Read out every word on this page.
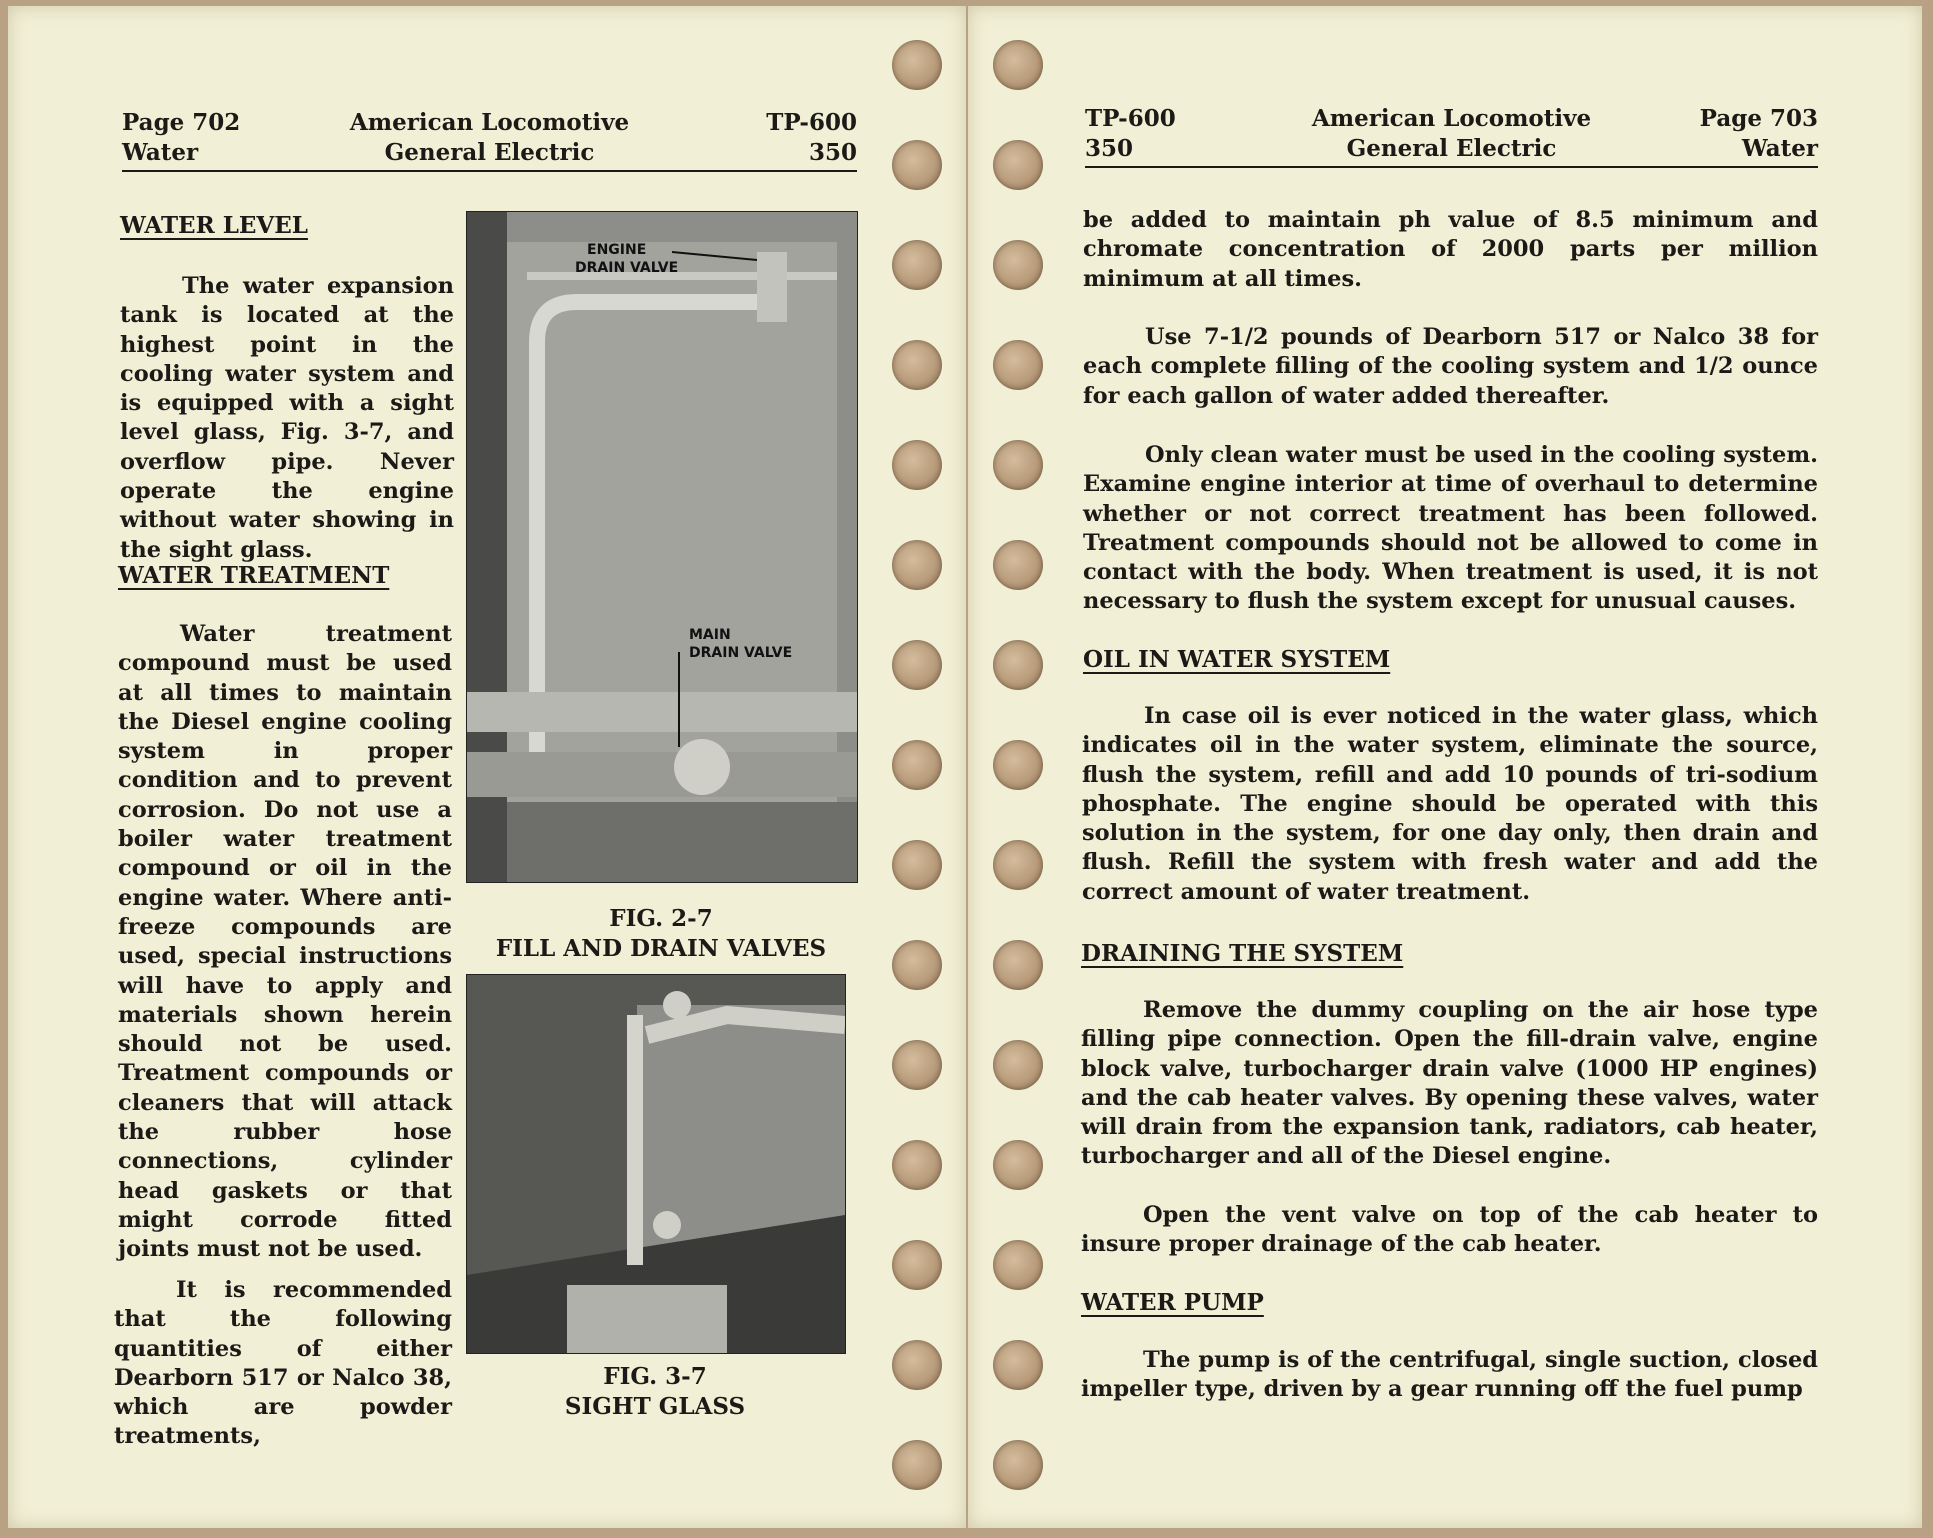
Page 702	American Locomotive	TP-600
Water	General Electric	350
WATER LEVEL

The water expansion tank is located at the highest point in the cooling water system and is equipped with a sight level glass, Fig. 3-7, and overflow pipe. Never operate the engine without water showing in the sight glass.

WATER TREATMENT

Water treatment compound must be used at all times to maintain the Diesel engine cooling system in proper condition and to prevent corrosion. Do not use a boiler water treatment compound or oil in the engine water. Where anti-freeze compounds are used, special instructions will have to apply and materials shown herein should not be used. Treatment compounds or cleaners that will attack the rubber hose connections, cylinder head gaskets or that might corrode fitted joints must not be used.

It is recommended that the following quantities of either Dearborn 517 or Nalco 38, which are powder treatments,

ENGINE
DRAIN VALVE
MAIN
DRAIN VALVE
FIG. 2-7
FILL AND DRAIN VALVES
FIG. 3-7
SIGHT GLASS
TP-600	American Locomotive	Page 703
350	General Electric	Water

be added to maintain ph value of 8.5 minimum and chromate concentration of 2000 parts per million minimum at all times.

Use 7-1/2 pounds of Dearborn 517 or Nalco 38 for each complete filling of the cooling system and 1/2 ounce for each gallon of water added thereafter.

Only clean water must be used in the cooling system. Examine engine interior at time of overhaul to determine whether or not correct treatment has been followed. Treatment compounds should not be allowed to come in contact with the body. When treatment is used, it is not necessary to flush the system except for unusual causes.

OIL IN WATER SYSTEM

In case oil is ever noticed in the water glass, which indicates oil in the water system, eliminate the source, flush the system, refill and add 10 pounds of tri-sodium phosphate. The engine should be operated with this solution in the system, for one day only, then drain and flush. Refill the system with fresh water and add the correct amount of water treatment.

DRAINING THE SYSTEM

Remove the dummy coupling on the air hose type filling pipe connection. Open the fill-drain valve, engine block valve, turbocharger drain valve (1000 HP engines) and the cab heater valves. By opening these valves, water will drain from the expansion tank, radiators, cab heater, turbocharger and all of the Diesel engine.

Open the vent valve on top of the cab heater to insure proper drainage of the cab heater.

WATER PUMP

The pump is of the centrifugal, single suction, closed impeller type, driven by a gear running off the fuel pump
